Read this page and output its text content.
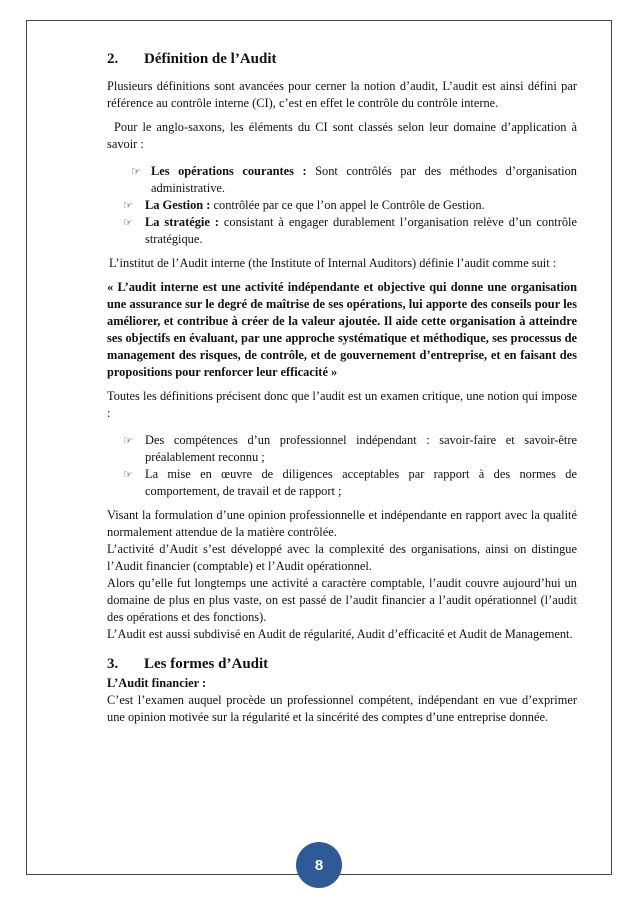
2. Définition de l’Audit

Plusieurs définitions sont avancées pour cerner la notion d’audit, L’audit est ainsi défini par référence au contrôle interne (CI), c’est en effet le contrôle du contrôle interne.

Pour le anglo-saxons, les éléments du CI sont classés selon leur domaine d’application à savoir :

☞ Les opérations courantes : Sont contrôlés par des méthodes d’organisation administrative.
☞ La Gestion : contrôlée par ce que l’on appel le Contrôle de Gestion.
☞ La stratégie : consistant à engager durablement l’organisation relève d’un contrôle stratégique.

L’institut de l’Audit interne (the Institute of Internal Auditors) définie l’audit comme suit :

« L’audit interne est une activité indépendante et objective qui donne une organisation une assurance sur le degré de maîtrise de ses opérations, lui apporte des conseils pour les améliorer, et contribue à créer de la valeur ajoutée. Il aide cette organisation à atteindre ses objectifs en évaluant, par une approche systématique et méthodique, ses processus de management des risques, de contrôle, et de gouvernement d’entreprise, et en faisant des propositions pour renforcer leur efficacité »

Toutes les définitions précisent donc que l’audit est un examen critique, une notion qui impose :

☞ Des compétences d’un professionnel indépendant : savoir-faire et savoir-être préalablement reconnu ;
☞ La mise en œuvre de diligences acceptables par rapport à des normes de comportement, de travail et de rapport ;

Visant la formulation d’une opinion professionnelle et indépendante en rapport avec la qualité normalement attendue de la matière contrôlée.

L’activité d’Audit s’est développé avec la complexité des organisations, ainsi on distingue l’Audit financier (comptable) et l’Audit opérationnel.

Alors qu’elle fut longtemps une activité a caractère comptable, l’audit couvre aujourd’hui un domaine de plus en plus vaste, on est passé de l’audit financier a l’audit opérationnel (l’audit des opérations et des fonctions).

L’Audit est aussi subdivisé en Audit de régularité, Audit d’efficacité et Audit de Management.

3. Les formes d’Audit

L’Audit financier :

C’est l’examen auquel procède un professionnel compétent, indépendant en vue d’exprimer une opinion motivée sur la régularité et la sincérité des comptes d’une entreprise donnée.

8
